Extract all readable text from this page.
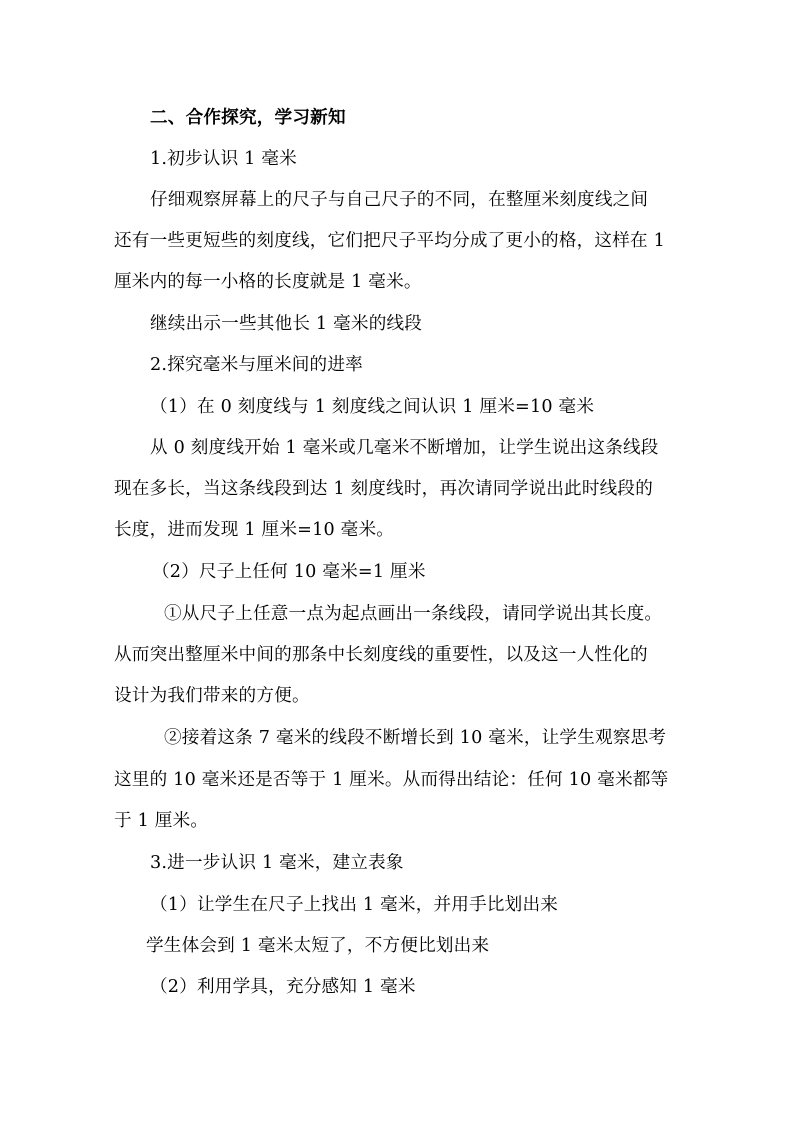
二、合作探究，学习新知
1.初步认识 1 毫米
仔细观察屏幕上的尺子与自己尺子的不同，在整厘米刻度线之间
还有一些更短些的刻度线，它们把尺子平均分成了更小的格，这样在 1
厘米内的每一小格的长度就是 1 毫米。
继续出示一些其他长 1 毫米的线段
2.探究毫米与厘米间的进率
（1）在 0 刻度线与 1 刻度线之间认识 1 厘米=10 毫米
从 0 刻度线开始 1 毫米或几毫米不断增加，让学生说出这条线段
现在多长，当这条线段到达 1 刻度线时，再次请同学说出此时线段的
长度，进而发现 1 厘米=10 毫米。
（2）尺子上任何 10 毫米=1 厘米
①从尺子上任意一点为起点画出一条线段，请同学说出其长度。
从而突出整厘米中间的那条中长刻度线的重要性，以及这一人性化的
设计为我们带来的方便。
②接着这条 7 毫米的线段不断增长到 10 毫米，让学生观察思考
这里的 10 毫米还是否等于 1 厘米。从而得出结论：任何 10 毫米都等
于 1 厘米。
3.进一步认识 1 毫米，建立表象
（1）让学生在尺子上找出 1 毫米，并用手比划出来
学生体会到 1 毫米太短了，不方便比划出来
（2）利用学具，充分感知 1 毫米
